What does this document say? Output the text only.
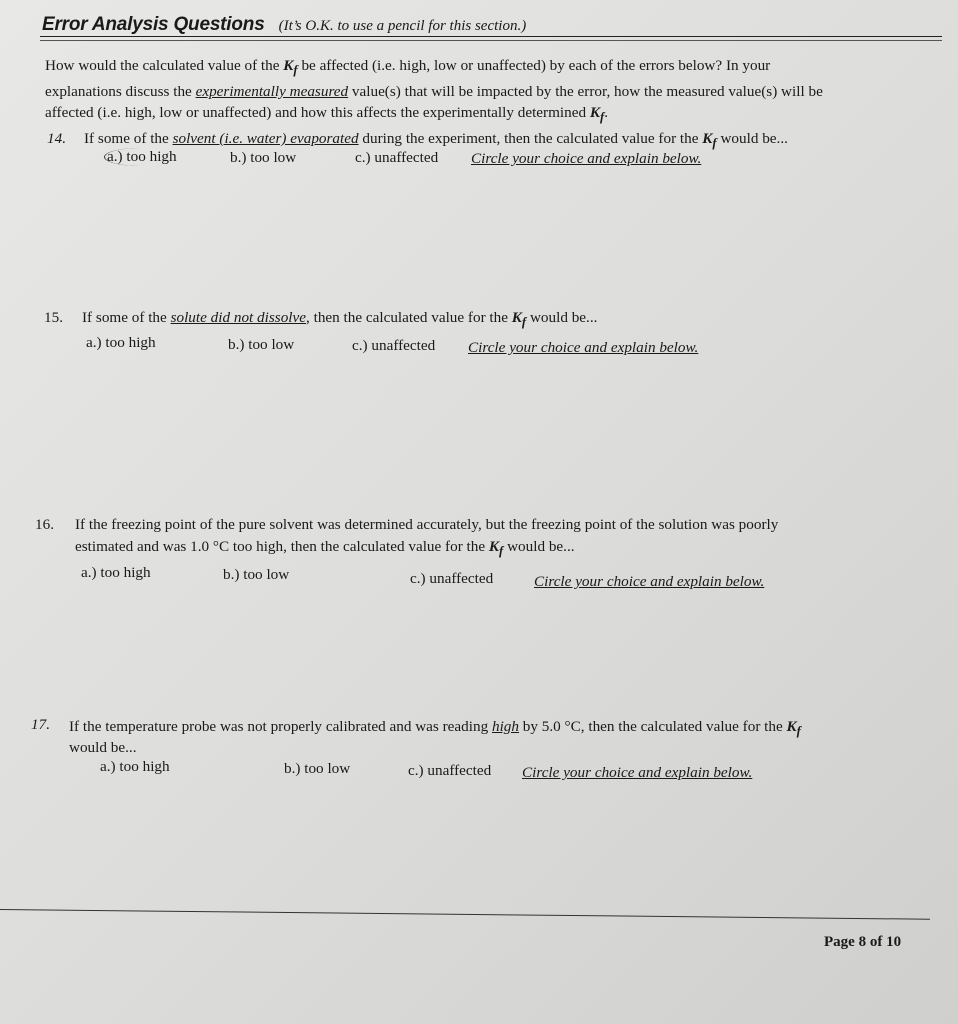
Error Analysis Questions (It’s O.K. to use a pencil for this section.)
How would the calculated value of the $K_f$ be affected (i.e. high, low or unaffected) by each of the errors below? In your
explanations discuss the experimentally measured value(s) that will be impacted by the error, how the measured value(s) will be
affected (i.e. high, low or unaffected) and how this affects the experimentally determined $K_f$.
14. If some of the solvent (i.e. water) evaporated during the experiment, then the calculated value for the $K_f$ would be...
a.) too high	b.) too low	c.) unaffected Circle your choice and explain below.
15. If some of the solute did not dissolve, then the calculated value for the $K_f$ would be...
a.) too high	b.) too low	c.) unaffected Circle your choice and explain below.
16. If the freezing point of the pure solvent was determined accurately, but the freezing point of the solution was poorly
estimated and was 1.0 °C too high, then the calculated value for the $K_f$ would be...
a.) too high	b.) too low	c.) unaffected	Circle your choice and explain below.
17. If the temperature probe was not properly calibrated and was reading high by 5.0 °C, then the calculated value for the $K_f$
would be...
a.) too high	b.) too low	c.) unaffected Circle your choice and explain below.
Page 8 of 10
